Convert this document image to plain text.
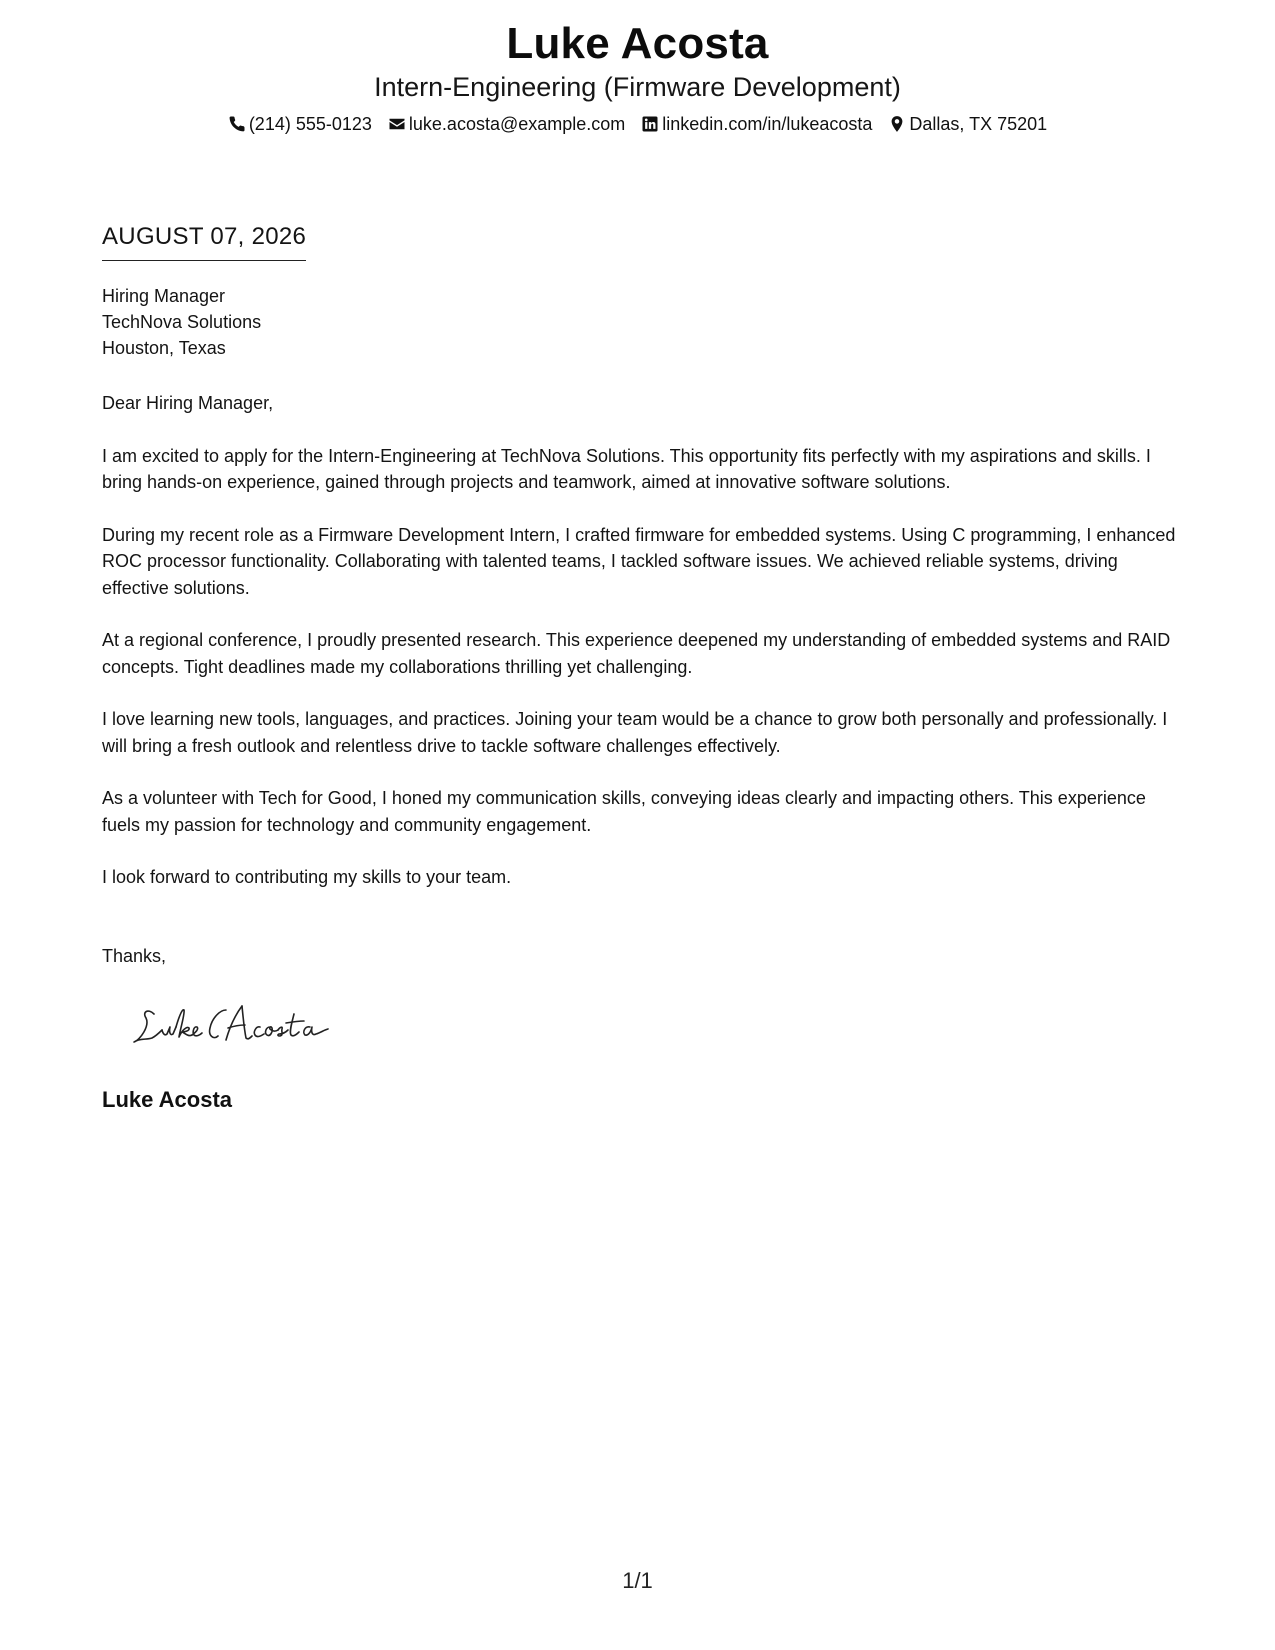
Luke Acosta
Intern-Engineering (Firmware Development)
(214) 555-0123 luke.acosta@example.com linkedin.com/in/lukeacosta Dallas, TX 75201
AUGUST 07, 2026
Hiring Manager
TechNova Solutions
Houston, Texas

Dear Hiring Manager,

I am excited to apply for the Intern-Engineering at TechNova Solutions. This opportunity fits perfectly with my aspirations and skills. I bring hands-on experience, gained through projects and teamwork, aimed at innovative software solutions.

During my recent role as a Firmware Development Intern, I crafted firmware for embedded systems. Using C programming, I enhanced ROC processor functionality. Collaborating with talented teams, I tackled software issues. We achieved reliable systems, driving effective solutions.

At a regional conference, I proudly presented research. This experience deepened my understanding of embedded systems and RAID concepts. Tight deadlines made my collaborations thrilling yet challenging.

I love learning new tools, languages, and practices. Joining your team would be a chance to grow both personally and professionally. I will bring a fresh outlook and relentless drive to tackle software challenges effectively.

As a volunteer with Tech for Good, I honed my communication skills, conveying ideas clearly and impacting others. This experience fuels my passion for technology and community engagement.

I look forward to contributing my skills to your team.

Thanks,
Luke Acosta
1/1
